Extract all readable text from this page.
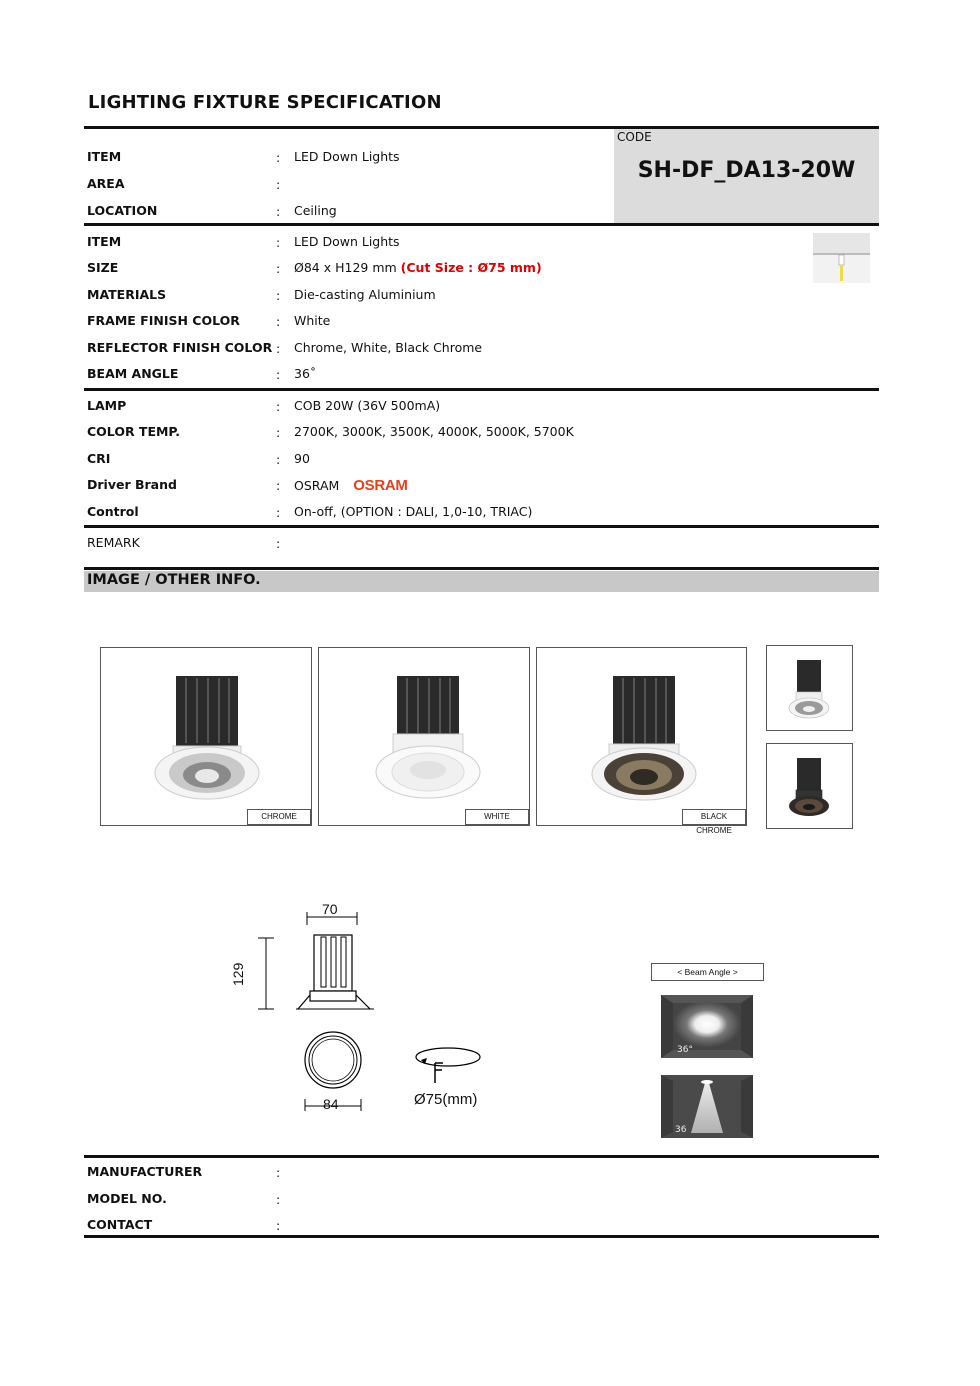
LIGHTING FIXTURE SPECIFICATION
CODE
SH-DF_DA13-20W
ITEM	: LED Down Lights
AREA	:
LOCATION	: Ceiling
ITEM	: LED Down Lights
SIZE	: Ø84 x H129 mm (Cut Size : Ø75 mm)
MATERIALS	: Die-casting Aluminium
FRAME FINISH COLOR	: White
REFLECTOR FINISH COLOR : Chrome, White, Black Chrome
BEAM ANGLE	: 36˚
LAMP	: COB 20W (36V 500mA)
COLOR TEMP.	: 2700K, 3000K, 3500K, 4000K, 5000K, 5700K
CRI	: 90
Driver Brand	: OSRAM OSRAM
Control	: On-off, (OPTION : DALI, 1,0-10, TRIAC)
REMARK	:
IMAGE / OTHER INFO.
CHROME	WHITE	BLACK CHROME
70
129
84	Ø75(mm)
< Beam Angle >
36°
36
MANUFACTURER	:
MODEL NO.	:
CONTACT	:
